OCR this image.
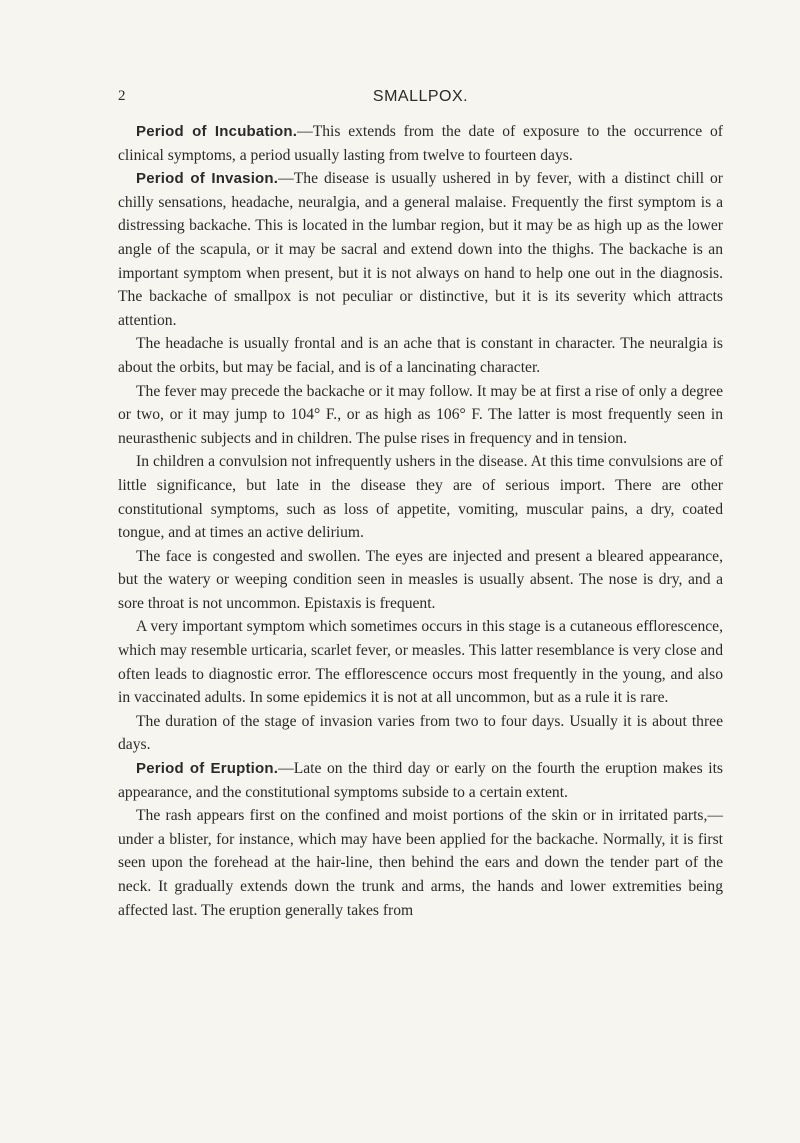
2	SMALLPOX.

Period of Incubation.—This extends from the date of exposure to the occurrence of clinical symptoms, a period usually lasting from twelve to fourteen days.

Period of Invasion.—The disease is usually ushered in by fever, with a distinct chill or chilly sensations, headache, neuralgia, and a general malaise. Frequently the first symptom is a distressing backache. This is located in the lumbar region, but it may be as high up as the lower angle of the scapula, or it may be sacral and extend down into the thighs. The backache is an important symptom when present, but it is not always on hand to help one out in the diagnosis. The backache of smallpox is not peculiar or distinctive, but it is its severity which attracts attention.

The headache is usually frontal and is an ache that is constant in character. The neuralgia is about the orbits, but may be facial, and is of a lancinating character.

The fever may precede the backache or it may follow. It may be at first a rise of only a degree or two, or it may jump to 104° F., or as high as 106° F. The latter is most frequently seen in neurasthenic subjects and in children. The pulse rises in frequency and in tension.

In children a convulsion not infrequently ushers in the disease. At this time convulsions are of little significance, but late in the disease they are of serious import. There are other constitutional symptoms, such as loss of appetite, vomiting, muscular pains, a dry, coated tongue, and at times an active delirium.

The face is congested and swollen. The eyes are injected and present a bleared appearance, but the watery or weeping condition seen in measles is usually absent. The nose is dry, and a sore throat is not uncommon. Epistaxis is frequent.

A very important symptom which sometimes occurs in this stage is a cutaneous efflorescence, which may resemble urticaria, scarlet fever, or measles. This latter resemblance is very close and often leads to diagnostic error. The efflorescence occurs most frequently in the young, and also in vaccinated adults. In some epidemics it is not at all uncommon, but as a rule it is rare.

The duration of the stage of invasion varies from two to four days. Usually it is about three days.

Period of Eruption.—Late on the third day or early on the fourth the eruption makes its appearance, and the constitutional symptoms subside to a certain extent.

The rash appears first on the confined and moist portions of the skin or in irritated parts,—under a blister, for instance, which may have been applied for the backache. Normally, it is first seen upon the forehead at the hair-line, then behind the ears and down the tender part of the neck. It gradually extends down the trunk and arms, the hands and lower extremities being affected last. The eruption generally takes from
